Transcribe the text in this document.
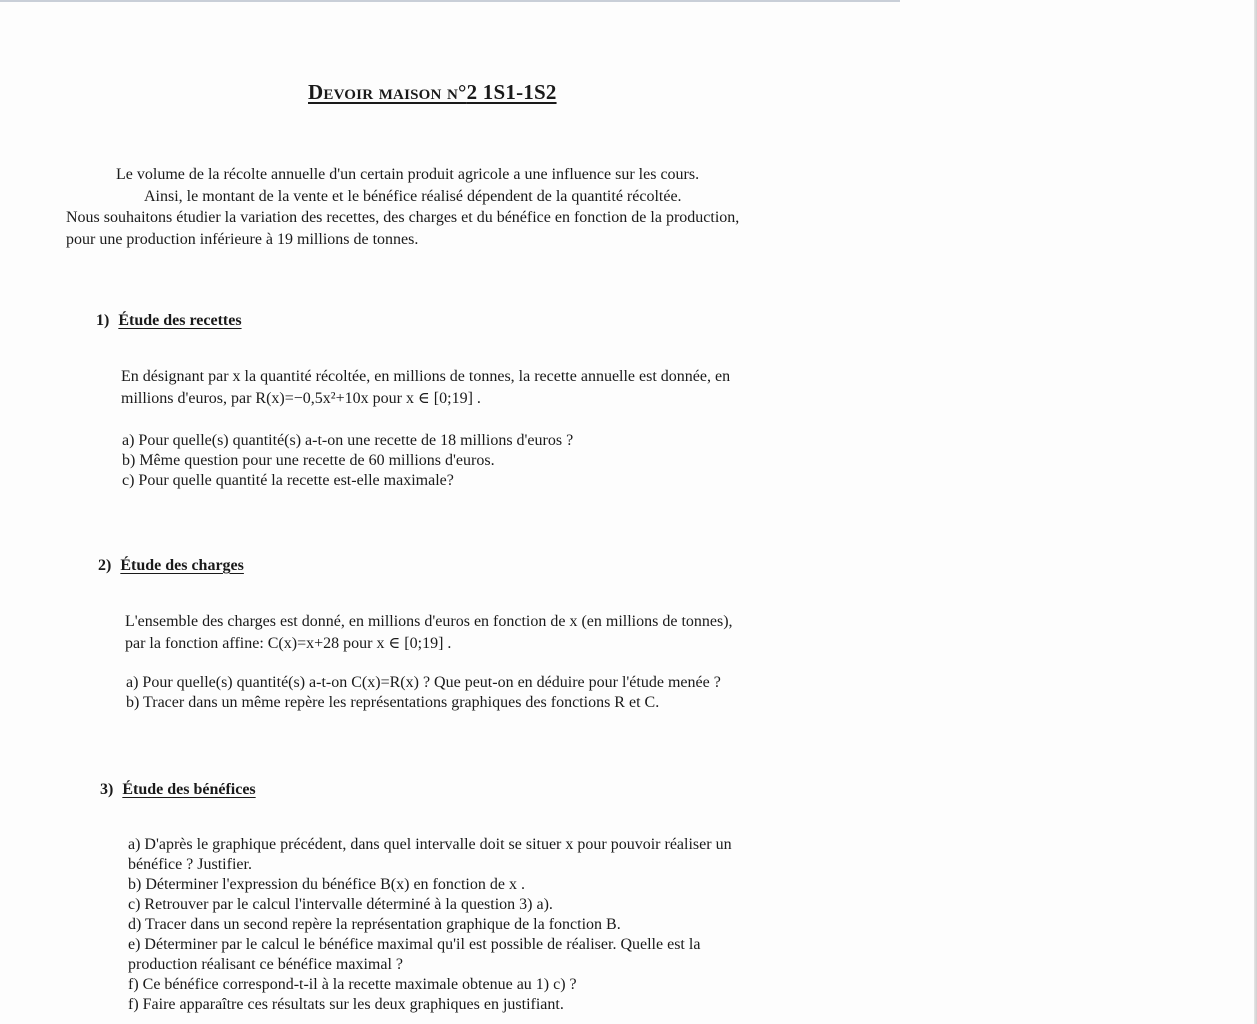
Devoir maison n°2 1S1-1S2
Le volume de la récolte annuelle d'un certain produit agricole a une influence sur les cours.
Ainsi, le montant de la vente et le bénéfice réalisé dépendent de la quantité récoltée.
Nous souhaitons étudier la variation des recettes, des charges et du bénéfice en fonction de la production,
pour une production inférieure à 19 millions de tonnes.
1) Étude des recettes
En désignant par x la quantité récoltée, en millions de tonnes, la recette annuelle est donnée, en
millions d'euros, par R(x)=−0,5x²+10x pour x ∈ [0;19] .
a) Pour quelle(s) quantité(s) a-t-on une recette de 18 millions d'euros ?
b) Même question pour une recette de 60 millions d'euros.
c) Pour quelle quantité la recette est-elle maximale?
2) Étude des charges
L'ensemble des charges est donné, en millions d'euros en fonction de x (en millions de tonnes),
par la fonction affine: C(x)=x+28 pour x ∈ [0;19] .
a) Pour quelle(s) quantité(s) a-t-on C(x)=R(x) ? Que peut-on en déduire pour l'étude menée ?
b) Tracer dans un même repère les représentations graphiques des fonctions R et C.
3) Étude des bénéfices
a) D'après le graphique précédent, dans quel intervalle doit se situer x pour pouvoir réaliser un
bénéfice ? Justifier.
b) Déterminer l'expression du bénéfice B(x) en fonction de x .
c) Retrouver par le calcul l'intervalle déterminé à la question 3) a).
d) Tracer dans un second repère la représentation graphique de la fonction B.
e) Déterminer par le calcul le bénéfice maximal qu'il est possible de réaliser. Quelle est la
production réalisant ce bénéfice maximal ?
f) Ce bénéfice correspond-t-il à la recette maximale obtenue au 1) c) ?
f) Faire apparaître ces résultats sur les deux graphiques en justifiant.
